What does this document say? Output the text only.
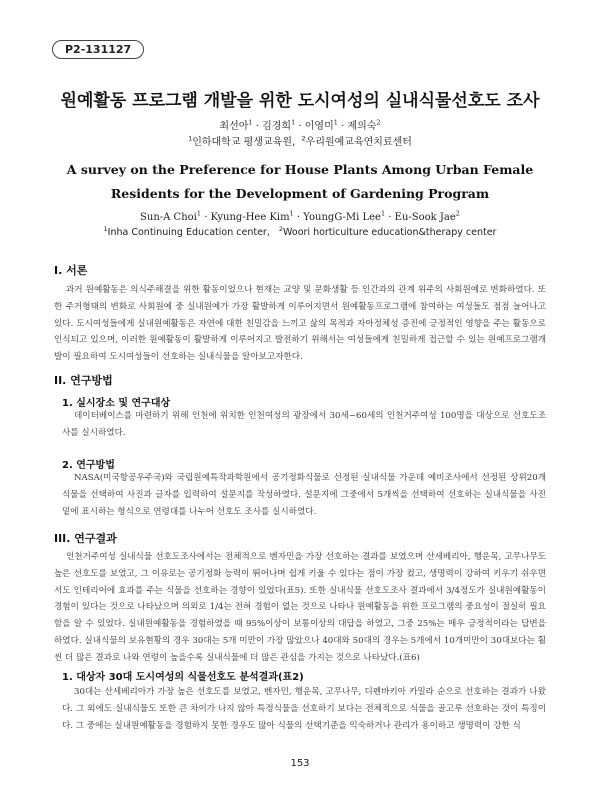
P2-131127
원예활동 프로그램 개발을 위한 도시여성의 실내식물선호도 조사
최선아$^1$ · 김경희$^1$ · 이영미$^1$ · 제의숙$^2$
$^1$인하대학교 평생교육원, $^2$우리원예교육연치료센터
A survey on the Preference for House Plants Among Urban Female
Residents for the Development of Gardening Program
Sun-A Choi$^1$ · Kyung-Hee Kim$^1$ · YoungG-Mi Lee$^1$ · Eu-Sook Jae$^2$
$^1$Inha Continuing Education center, $^2$Woori horticulture education&therapy center
I. 서론
과거 원예활동은 의식주해결을 위한 활동이었으나 현재는 교양 및 문화생활 등 인간과의 관계 위주의 사회원예로 변화하였다. 또한 주거형태의 변화로 사회원예 중 실내원예가 가장 활발하게 이루어지면서 원예활동프로그램에 참여하는 여성들도 점점 늘어나고 있다. 도시여성들에게 실내원예활동은 자연에 대한 친밀감을 느끼고 삶의 목적과 자아정체성 증진에 긍정적인 영향을 주는 활동으로 인식되고 있으며, 이러한 원예활동이 활발하게 이루어지고 발전하기 위해서는 여성들에게 친밀하게 접근할 수 있는 원예프로그램개발이 필요하여 도시여성들이 선호하는 실내식물을 알아보고자한다.
II. 연구방법
1. 실시장소 및 연구대상
데이터베이스를 마련하기 위해 인천에 위치한 인천여성의 광장에서 30세~60세의 인천거주여성 100명을 대상으로 선호도조사를 실시하였다.
2. 연구방법
NASA(미국항공우주국)와 국립원예특작과학원에서 공기정화식물로 선정된 실내식물 가운데 예비조사에서 선정된 상위20개 식물을 선택하여 사진과 글자를 입력하여 설문지를 작성하였다. 설문지에 그중에서 5개씩을 선택하여 선호하는 실내식물을 사진 밑에 표시하는 형식으로 연령대를 나누어 선호도 조사를 실시하였다.
III. 연구결과
인천거주여성 실내식물 선호도조사에서는 전체적으로 벤자민을 가장 선호하는 결과를 보였으며 산세베리아, 행운목, 고무나무도 높은 선호도를 보였고, 그 이유로는 공기정화 능력이 뛰어나며 쉽게 키울 수 있다는 점이 가장 컸고, 생명력이 강하여 키우기 쉬우면서도 인테리어에 효과를 주는 식물을 선호하는 경향이 있었다(표5). 또한 실내식물 선호도조사 결과에서 3/4정도가 실내원예활동이 경험이 있다는 것으로 나타났으며 의외로 1/4는 전혀 경험이 없는 것으로 나타나 원예활동을 위한 프로그램의 중요성이 절실히 필요함을 알 수 있었다. 실내원예활동을 경험하였을 때 95%이상이 보통이상의 대답을 하였고, 그중 25%는 매우 긍정적이라는 답변을 하였다. 실내식물의 보유현황의 경우 30대는 5개 미만이 가장 많았으나 40대와 50대의 경우는 5개에서 10개미만이 30대보다는 훨씬 더 많은 결과로 나와 연령이 높을수록 실내식물에 더 많은 관심을 가지는 것으로 나타났다.(표6)
1. 대상자 30대 도시여성의 식물선호도 분석결과(표2)
30대는 산세베리아가 가장 높은 선호도를 보였고, 벤자민, 행운목, 고무나무, 디펜바키아 카밀라 순으로 선호하는 결과가 나왔다. 그 외에도 실내식물도 또한 큰 차이가 나지 않아 특정식물을 선호하기 보다는 전체적으로 식물을 골고루 선호하는 것이 특징이다. 그 중에는 실내원예활동을 경험하지 못한 경우도 많아 식물의 선택기준을 익숙하거나 관리가 용이하고 생명력이 강한 식
153
